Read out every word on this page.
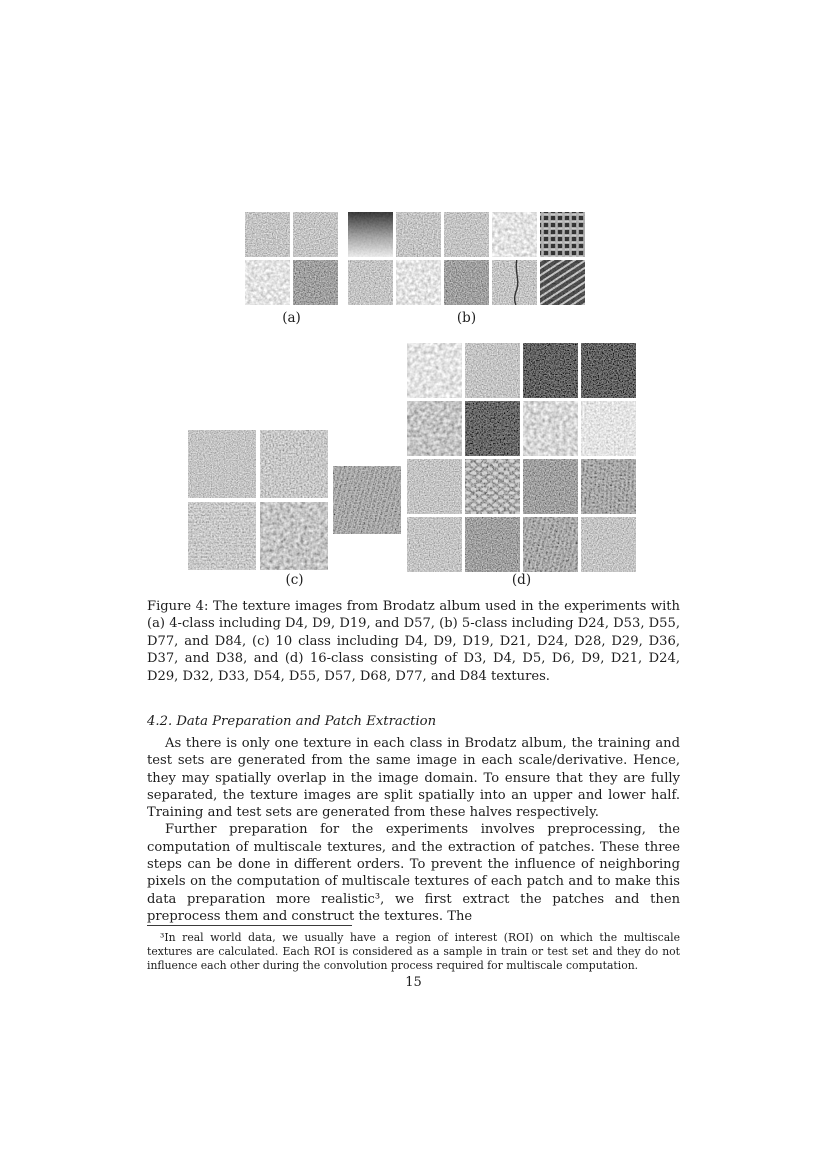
(a)	(b)
(c)	(d)
Figure 4: The texture images from Brodatz album used in the experiments with (a) 4-class including D4, D9, D19, and D57, (b) 5-class including D24, D53, D55, D77, and D84, (c) 10 class including D4, D9, D19, D21, D24, D28, D29, D36, D37, and D38, and (d) 16-class consisting of D3, D4, D5, D6, D9, D21, D24, D29, D32, D33, D54, D55, D57, D68, D77, and D84 textures.
4.2. Data Preparation and Patch Extraction

As there is only one texture in each class in Brodatz album, the training and test sets are generated from the same image in each scale/derivative. Hence, they may spatially overlap in the image domain. To ensure that they are fully separated, the texture images are split spatially into an upper and lower half. Training and test sets are generated from these halves respectively.

Further preparation for the experiments involves preprocessing, the computation of multiscale textures, and the extraction of patches. These three steps can be done in different orders. To prevent the influence of neighboring pixels on the computation of multiscale textures of each patch and to make this data preparation more realistic³, we first extract the patches and then preprocess them and construct the textures. The

³In real world data, we usually have a region of interest (ROI) on which the multiscale textures are calculated. Each ROI is considered as a sample in train or test set and they do not influence each other during the convolution process required for multiscale computation.
15
